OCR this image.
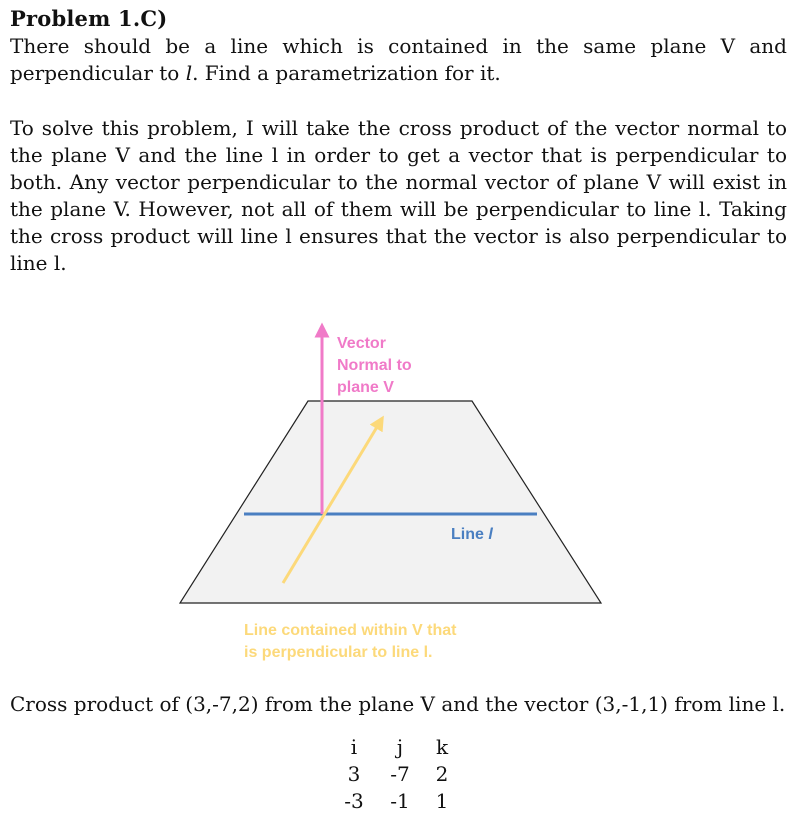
Problem 1.C)

There should be a line which is contained in the same plane V and perpendicular to l. Find a parametrization for it.

To solve this problem, I will take the cross product of the vector normal to the plane V and the line l in order to get a vector that is perpendicular to both. Any vector perpendicular to the normal vector of plane V will exist in the plane V. However, not all of them will be perpendicular to line l. Taking the cross product will line l ensures that the vector is also perpendicular to line l.

Vector Normal to plane V
Line l
Line contained within V that is perpendicular to line l.

Cross product of (3,-7,2) from the plane V and the vector (3,-1,1) from line l.

i	j	k
3	-7	2
-3	-1	1
